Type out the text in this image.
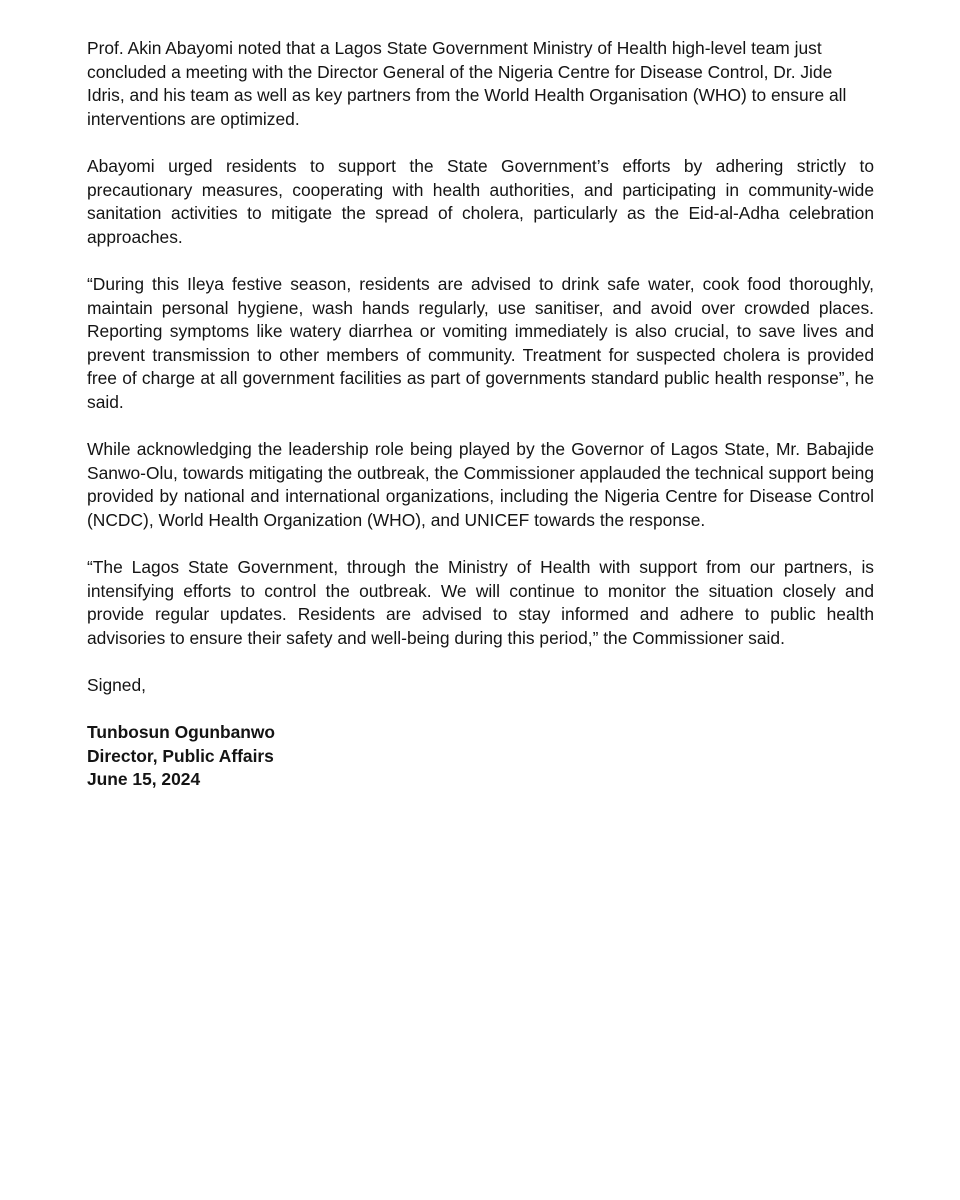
Prof. Akin Abayomi noted that a Lagos State Government Ministry of Health high-level team just concluded a meeting with the Director General of the Nigeria Centre for Disease Control, Dr. Jide Idris, and his team as well as key partners from the World Health Organisation (WHO) to ensure all interventions are optimized.

Abayomi urged residents to support the State Government’s efforts by adhering strictly to precautionary measures, cooperating with health authorities, and participating in community-wide sanitation activities to mitigate the spread of cholera, particularly as the Eid-al-Adha celebration approaches.

“During this Ileya festive season, residents are advised to drink safe water, cook food thoroughly, maintain personal hygiene, wash hands regularly, use sanitiser, and avoid over crowded places. Reporting symptoms like watery diarrhea or vomiting immediately is also crucial, to save lives and prevent transmission to other members of community. Treatment for suspected cholera is provided free of charge at all government facilities as part of governments standard public health response”, he said.

While acknowledging the leadership role being played by the Governor of Lagos State, Mr. Babajide Sanwo-Olu, towards mitigating the outbreak, the Commissioner applauded the technical support being provided by national and international organizations, including the Nigeria Centre for Disease Control (NCDC), World Health Organization (WHO), and UNICEF towards the response.

“The Lagos State Government, through the Ministry of Health with support from our partners, is intensifying efforts to control the outbreak. We will continue to monitor the situation closely and provide regular updates. Residents are advised to stay informed and adhere to public health advisories to ensure their safety and well-being during this period,” the Commissioner said.

Signed,

Tunbosun Ogunbanwo
Director, Public Affairs
June 15, 2024
